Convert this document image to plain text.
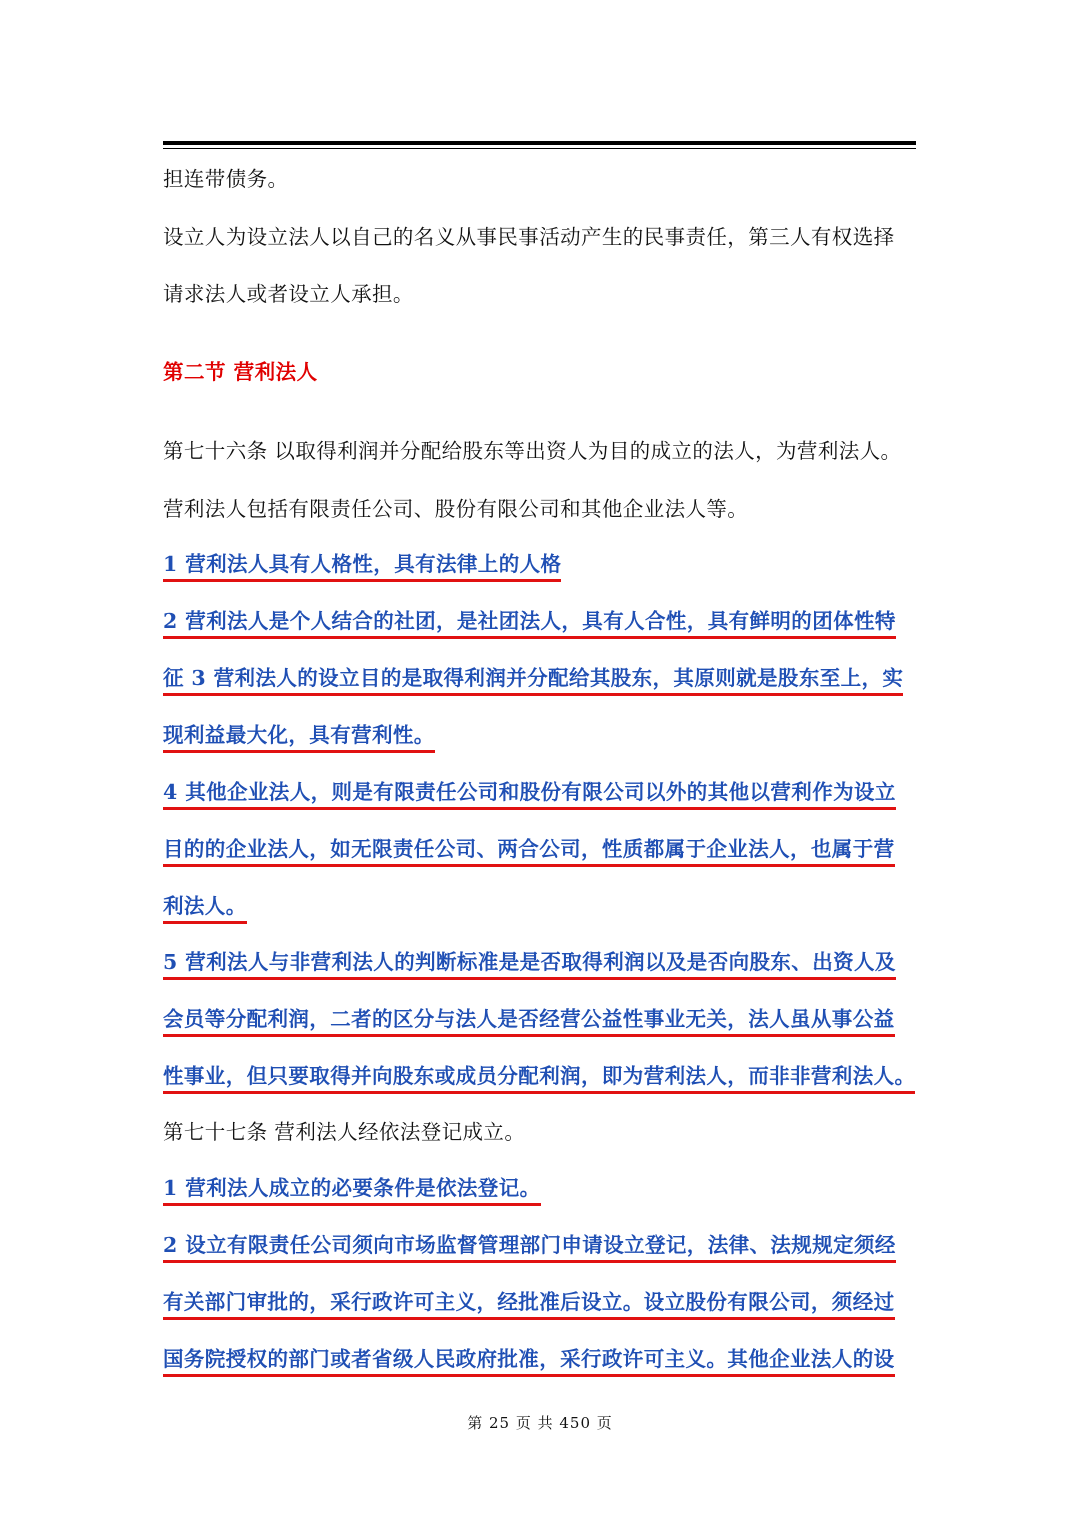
担连带债务。
设立人为设立法人以自己的名义从事民事活动产生的民事责任，第三人有权选择
请求法人或者设立人承担。
第二节 营利法人
第七十六条 以取得利润并分配给股东等出资人为目的成立的法人，为营利法人。
营利法人包括有限责任公司、股份有限公司和其他企业法人等。
1 营利法人具有人格性，具有法律上的人格
2 营利法人是个人结合的社团，是社团法人，具有人合性，具有鲜明的团体性特
征 3 营利法人的设立目的是取得利润并分配给其股东，其原则就是股东至上，实
现利益最大化，具有营利性。
4 其他企业法人，则是有限责任公司和股份有限公司以外的其他以营利作为设立
目的的企业法人，如无限责任公司、两合公司，性质都属于企业法人，也属于营
利法人。
5 营利法人与非营利法人的判断标准是是否取得利润以及是否向股东、出资人及
会员等分配利润，二者的区分与法人是否经营公益性事业无关，法人虽从事公益
性事业，但只要取得并向股东或成员分配利润，即为营利法人，而非非营利法人。
第七十七条 营利法人经依法登记成立。
1 营利法人成立的必要条件是依法登记。
2 设立有限责任公司须向市场监督管理部门申请设立登记，法律、法规规定须经
有关部门审批的，采行政许可主义，经批准后设立。设立股份有限公司，须经过
国务院授权的部门或者省级人民政府批准，采行政许可主义。其他企业法人的设
第 25 页 共 450 页
